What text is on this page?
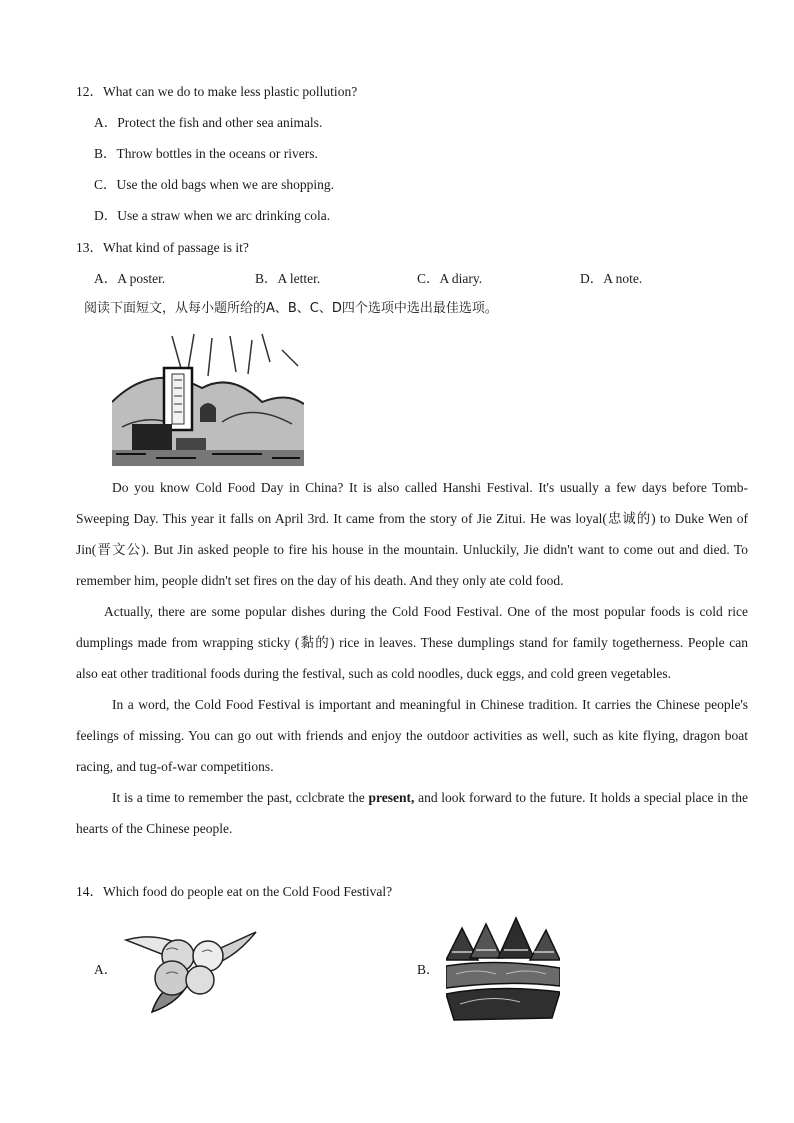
12．What can we do to make less plastic pollution?
A．Protect the fish and other sea animals.
B．Throw bottles in the oceans or rivers.
C．Use the old bags when we are shopping.
D．Use a straw when we arc drinking cola.
13．What kind of passage is it?
A．A poster.	B．A letter.	C．A diary.	D．A note.
阅读下面短文，从每小题所给的A、B、C、D四个选项中选出最佳选项。

Do you know Cold Food Day in China? It is also called Hanshi Festival. It's usually a few days before Tomb-Sweeping Day. This year it falls on April 3rd. It came from the story of Jie Zitui. He was loyal(忠诚的) to Duke Wen of Jin(晋文公). But Jin asked people to fire his house in the mountain. Unluckily, Jie didn't want to come out and died. To remember him, people didn't set fires on the day of his death. And they only ate cold food.

Actually, there are some popular dishes during the Cold Food Festival. One of the most popular foods is cold rice dumplings made from wrapping sticky (黏的) rice in leaves. These dumplings stand for family togetherness. People can also eat other traditional foods during the festival, such as cold noodles, duck eggs, and cold green vegetables.

In a word, the Cold Food Festival is important and meaningful in Chinese tradition. It carries the Chinese people's feelings of missing. You can go out with friends and enjoy the outdoor activities as well, such as kite flying, dragon boat racing, and tug-of-war competitions.

It is a time to remember the past, cclcbrate the present, and look forward to the future. It holds a special place in the hearts of the Chinese people.

14．Which food do people eat on the Cold Food Festival?
A．	B．
